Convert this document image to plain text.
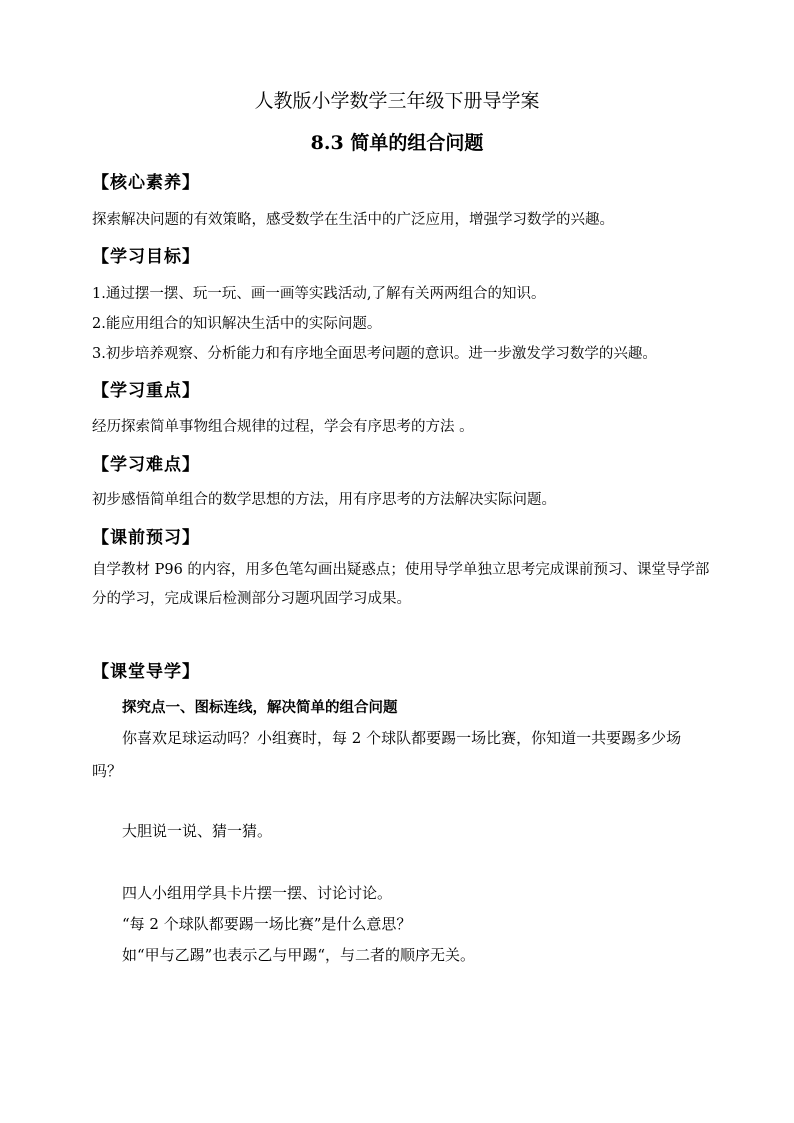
人教版小学数学三年级下册导学案
8.3 简单的组合问题
【核心素养】
探索解决问题的有效策略，感受数学在生活中的广泛应用，增强学习数学的兴趣。
【学习目标】
1.通过摆一摆、玩一玩、画一画等实践活动,了解有关两两组合的知识。
2.能应用组合的知识解决生活中的实际问题。
3.初步培养观察、分析能力和有序地全面思考问题的意识。进一步激发学习数学的兴趣。
【学习重点】
经历探索简单事物组合规律的过程，学会有序思考的方法 。
【学习难点】
初步感悟简单组合的数学思想的方法，用有序思考的方法解决实际问题。
【课前预习】
自学教材 P96 的内容，用多色笔勾画出疑惑点；使用导学单独立思考完成课前预习、课堂导学部分的学习，完成课后检测部分习题巩固学习成果。
【课堂导学】
探究点一、图标连线，解决简单的组合问题
你喜欢足球运动吗？小组赛时，每 2 个球队都要踢一场比赛，你知道一共要踢多少场吗？
大胆说一说、猜一猜。
四人小组用学具卡片摆一摆、讨论讨论。
“每 2 个球队都要踢一场比赛”是什么意思？
如“甲与乙踢”也表示乙与甲踢“，与二者的顺序无关。
